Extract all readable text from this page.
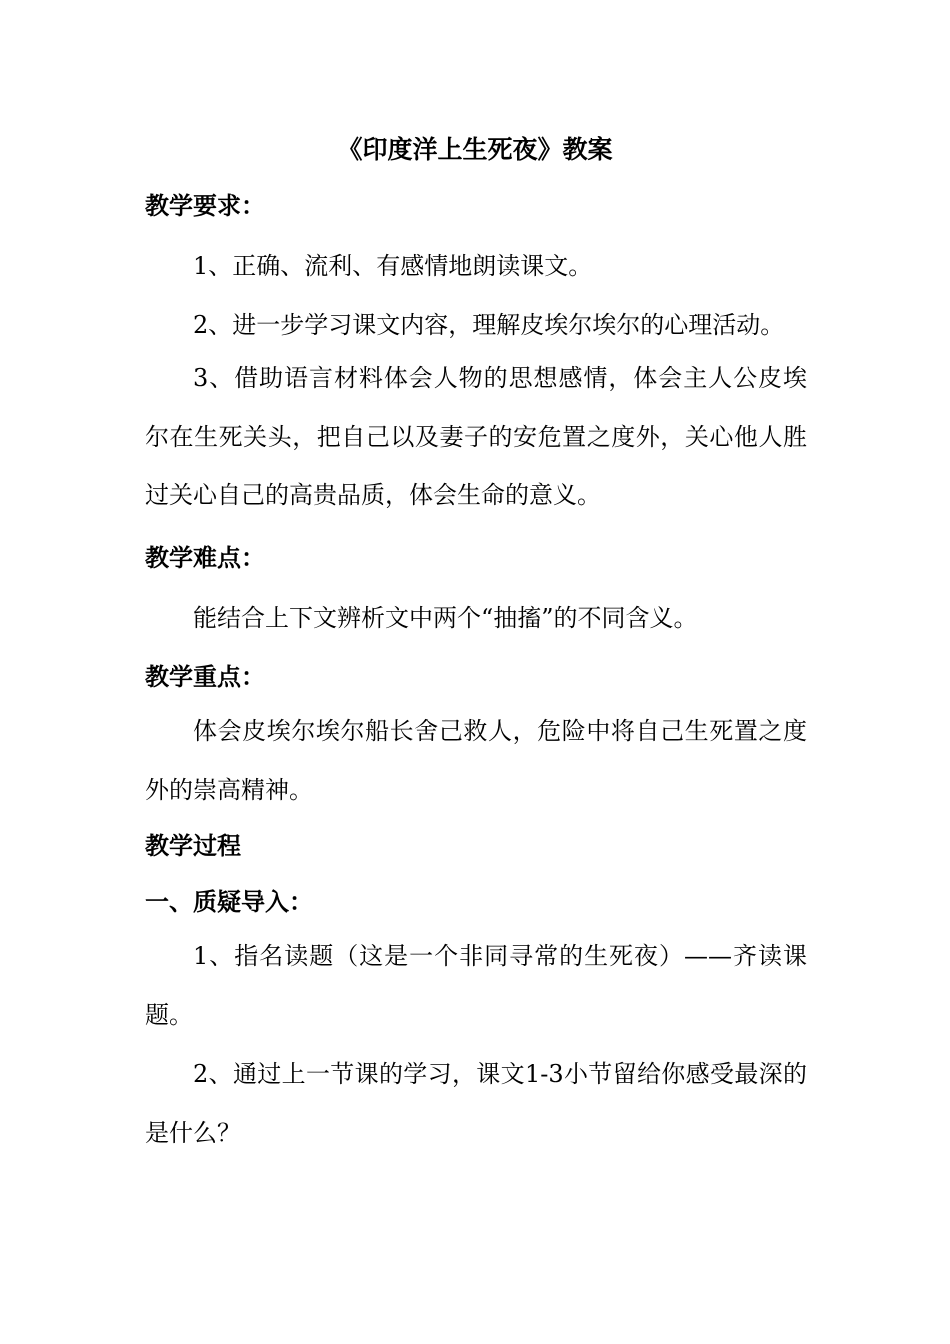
《印度洋上生死夜》教案
教学要求：

1、正确、流利、有感情地朗读课文。

2、进一步学习课文内容，理解皮埃尔埃尔的心理活动。

3、借助语言材料体会人物的思想感情，体会主人公皮埃尔在生死关头，把自己以及妻子的安危置之度外，关心他人胜过关心自己的高贵品质，体会生命的意义。

教学难点：

能结合上下文辨析文中两个“抽搐”的不同含义。

教学重点：

体会皮埃尔埃尔船长舍己救人，危险中将自己生死置之度外的崇高精神。

教学过程
一、质疑导入：

1、指名读题（这是一个非同寻常的生死夜）——齐读课题。

2、通过上一节课的学习，课文1-3小节留给你感受最深的是什么？
